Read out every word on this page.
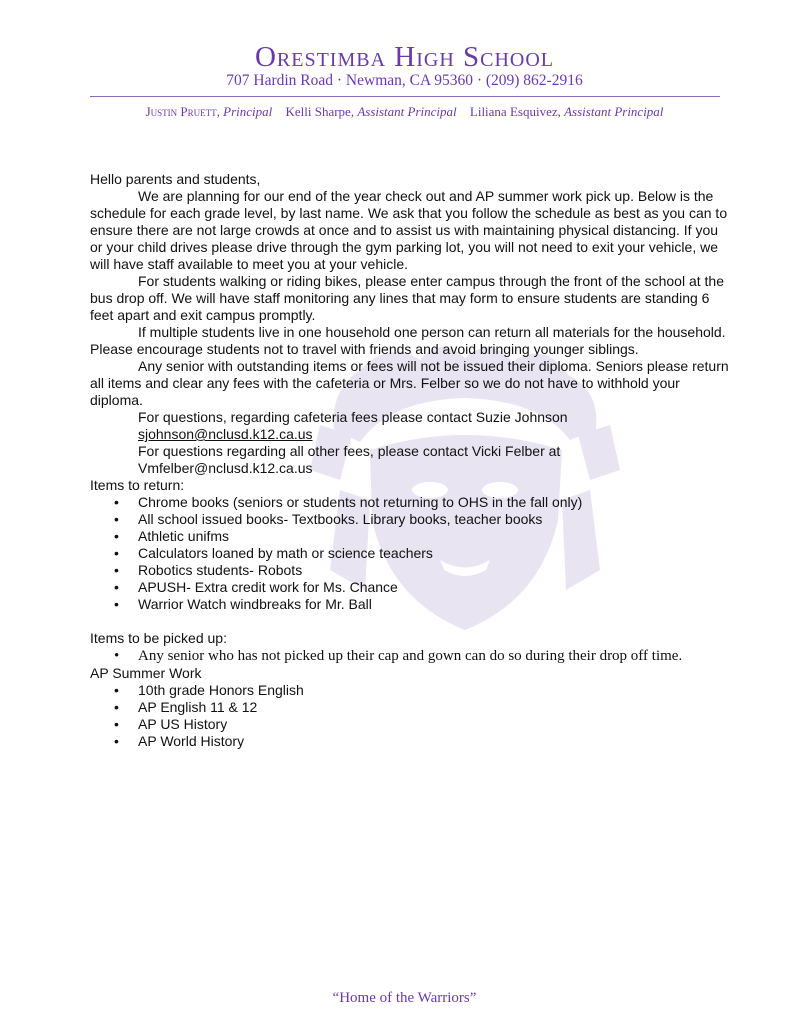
Orestimba High School
707 Hardin Road · Newman, CA 95360 · (209) 862-2916
Justin Pruett, Principal Kelli Sharpe, Assistant Principal Liliana Esquivez, Assistant Principal

Hello parents and students,

We are planning for our end of the year check out and AP summer work pick up. Below is the schedule for each grade level, by last name. We ask that you follow the schedule as best as you can to ensure there are not large crowds at once and to assist us with maintaining physical distancing. If you or your child drives please drive through the gym parking lot, you will not need to exit your vehicle, we will have staff available to meet you at your vehicle.

For students walking or riding bikes, please enter campus through the front of the school at the bus drop off. We will have staff monitoring any lines that may form to ensure students are standing 6 feet apart and exit campus promptly.

If multiple students live in one household one person can return all materials for the household. Please encourage students not to travel with friends and avoid bringing younger siblings.

Any senior with outstanding items or fees will not be issued their diploma. Seniors please return all items and clear any fees with the cafeteria or Mrs. Felber so we do not have to withhold your diploma.

For questions, regarding cafeteria fees please contact Suzie Johnson

sjohnson@nclusd.k12.ca.us

For questions regarding all other fees, please contact Vicki Felber at

Vmfelber@nclusd.k12.ca.us

Items to return:

• Chrome books (seniors or students not returning to OHS in the fall only)
• All school issued books- Textbooks. Library books, teacher books
• Athletic unifms
• Calculators loaned by math or science teachers
• Robotics students- Robots
• APUSH- Extra credit work for Ms. Chance
• Warrior Watch windbreaks for Mr. Ball

Items to be picked up:

• Any senior who has not picked up their cap and gown can do so during their drop off time.

AP Summer Work

• 10th grade Honors English
• AP English 11 & 12
• AP US History
• AP World History
“Home of the Warriors”
